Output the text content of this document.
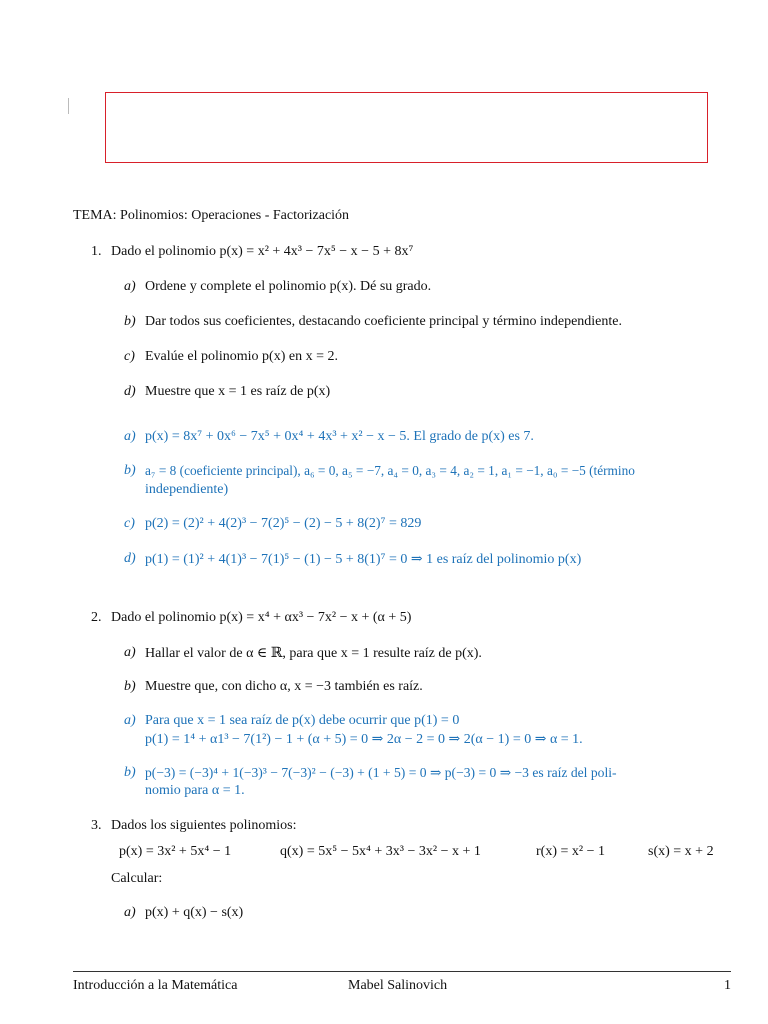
TEMA: Polinomios: Operaciones - Factorización
1. Dado el polinomio p(x) = x² + 4x³ − 7x⁵ − x − 5 + 8x⁷
a) Ordene y complete el polinomio p(x). Dé su grado.
b) Dar todos sus coeficientes, destacando coeficiente principal y término independiente.
c) Evalúe el polinomio p(x) en x = 2.
d) Muestre que x = 1 es raíz de p(x)
a) p(x) = 8x⁷ + 0x⁶ − 7x⁵ + 0x⁴ + 4x³ + x² − x − 5. El grado de p(x) es 7.
b) a₇ = 8 (coeficiente principal), a₆ = 0, a₅ = −7, a₄ = 0, a₃ = 4, a₂ = 1, a₁ = −1, a₀ = −5 (término
independiente)
c) p(2) = (2)² + 4(2)³ − 7(2)⁵ − (2) − 5 + 8(2)⁷ = 829
d) p(1) = (1)² + 4(1)³ − 7(1)⁵ − (1) − 5 + 8(1)⁷ = 0 ⇒ 1 es raíz del polinomio p(x)
2. Dado el polinomio p(x) = x⁴ + αx³ − 7x² − x + (α + 5)
a) Hallar el valor de α ∈ ℝ, para que x = 1 resulte raíz de p(x).
b) Muestre que, con dicho α, x = −3 también es raíz.
a) Para que x = 1 sea raíz de p(x) debe ocurrir que p(1) = 0
p(1) = 1⁴ + α1³ − 7(1²) − 1 + (α + 5) = 0 ⇒ 2α − 2 = 0 ⇒ 2(α − 1) = 0 ⇒ α = 1.
b) p(−3) = (−3)⁴ + 1(−3)³ − 7(−3)² − (−3) + (1 + 5) = 0 ⇒ p(−3) = 0 ⇒ −3 es raíz del poli-
nomio para α = 1.
3. Dados los siguientes polinomios:
p(x) = 3x² + 5x⁴ − 1	q(x) = 5x⁵ − 5x⁴ + 3x³ − 3x² − x + 1	r(x) = x² − 1	s(x) = x + 2
Calcular:
a) p(x) + q(x) − s(x)
Introducción a la Matemática	Mabel Salinovich	1
